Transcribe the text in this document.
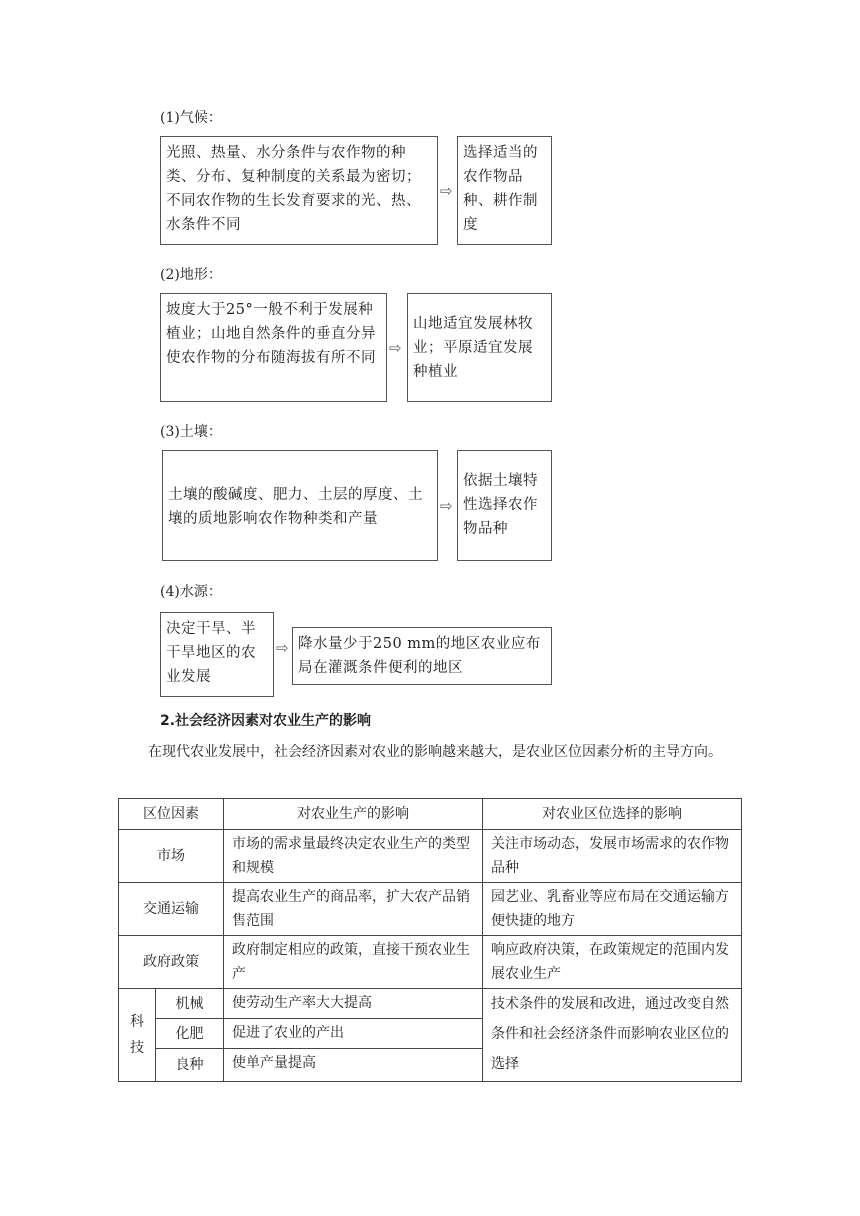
(1)气候：
光照、热量、水分条件与农作物的种类、分布、复种制度的关系最为密切；不同农作物的生长发育要求的光、热、水条件不同
⇨
选择适当的农作物品种、耕作制度
(2)地形：
坡度大于25°一般不利于发展种植业；山地自然条件的垂直分异使农作物的分布随海拔有所不同
⇨
山地适宜发展林牧业；平原适宜发展种植业
(3)土壤：
土壤的酸碱度、肥力、土层的厚度、土壤的质地影响农作物种类和产量
⇨
依据土壤特性选择农作物品种
(4)水源：
决定干旱、半干旱地区的农业发展
⇨ 降水量少于250 mm的地区农业应布局在灌溉条件便利的地区
2.社会经济因素对农业生产的影响
在现代农业发展中，社会经济因素对农业的影响越来越大，是农业区位因素分析的主导方向。
区位因素		对农业生产的影响	对农业区位选择的影响
市场		市场的需求量最终决定农业生产的类型和规模	关注市场动态，发展市场需求的农作物品种
交通运输		提高农业生产的商品率，扩大农产品销售范围	园艺业、乳畜业等应布局在交通运输方便快捷的地方
政府政策		政府制定相应的政策，直接干预农业生产	响应政府决策，在政策规定的范围内发展农业生产

科技	机械	使劳动生产率大大提高	技术条件的发展和改进，通过改变自然条件和社会经济条件而影响农业区位的选择
	化肥	促进了农业的产出	
	良种	使单产量提高	
